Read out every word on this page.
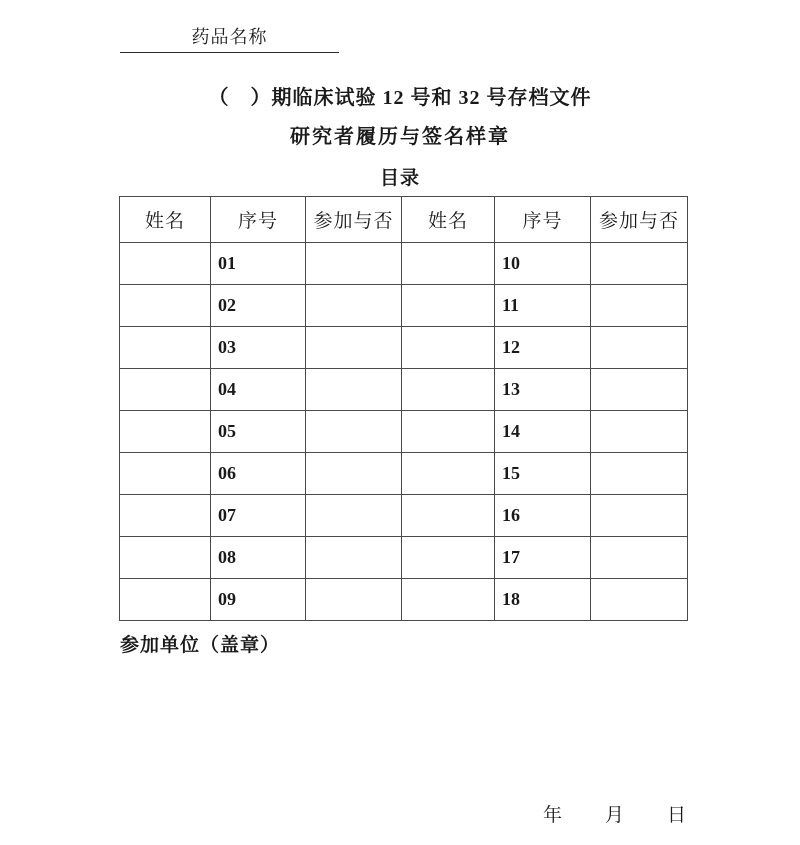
药品名称
（　）期临床试验 12 号和 32 号存档文件
研究者履历与签名样章
目录
姓名	序号	参加与否	姓名	序号	参加与否
	01			10	
	02			11	
	03			12	
	04			13	
	05			14	
	06			15	
	07			16	
	08			17	
	09			18	
参加单位（盖章）
年 月 日
